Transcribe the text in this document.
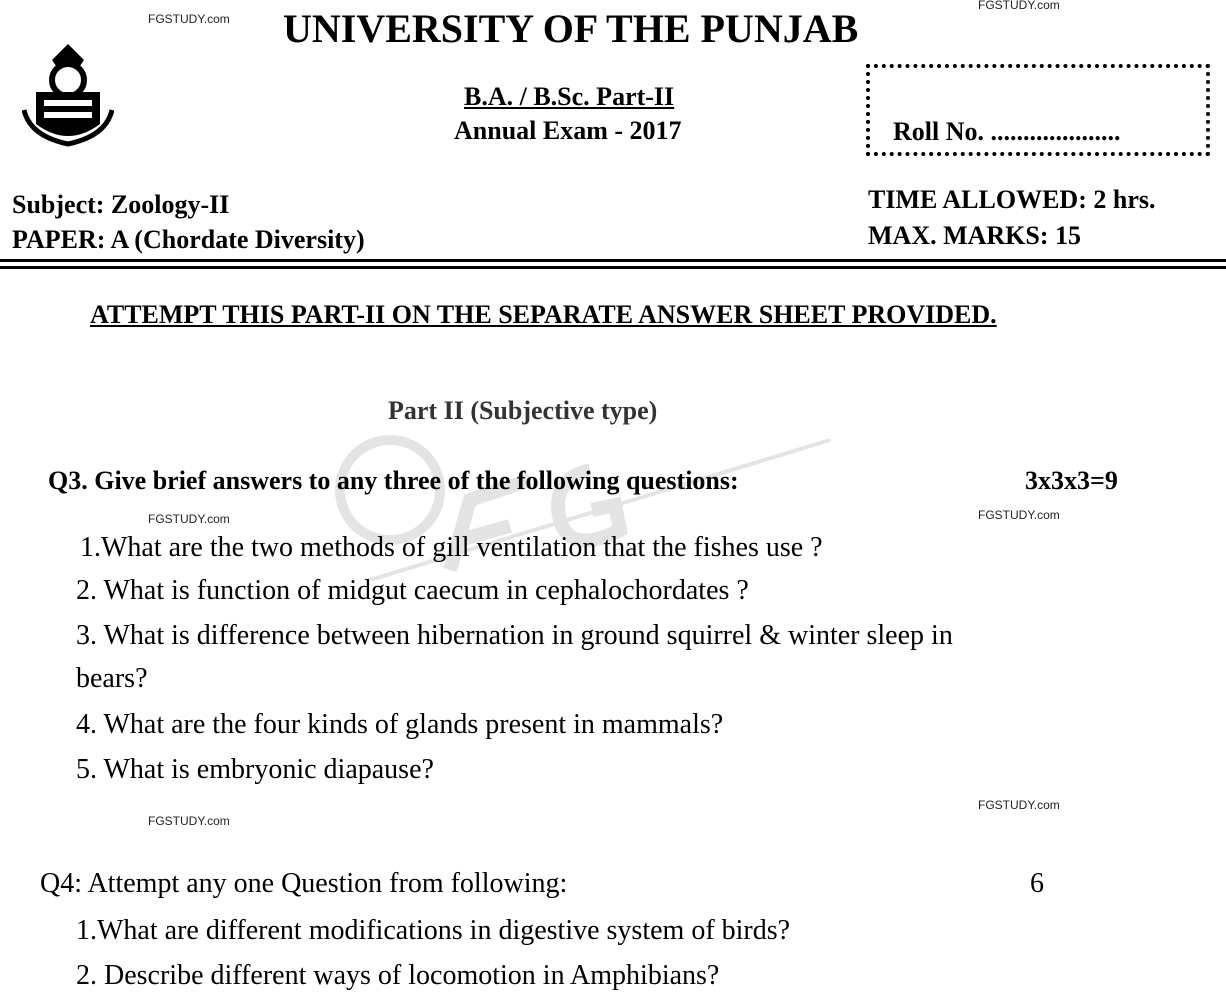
FGSTUDY.com
FGSTUDY.com
UNIVERSITY OF THE PUNJAB
B.A. / B.Sc. Part-II
Annual Exam - 2017	Roll No. ....................
Subject: Zoology-II
PAPER: A (Chordate Diversity)
TIME ALLOWED: 2 hrs.
MAX. MARKS: 15
ATTEMPT THIS PART-II ON THE SEPARATE ANSWER SHEET PROVIDED.
Part II (Subjective type)
Q3. Give brief answers to any three of the following questions:	3x3x3=9
FGSTUDY.com
FGSTUDY.com
1.What are the two methods of gill ventilation that the fishes use ?
2. What is function of midgut caecum in cephalochordates ?
3. What is difference between hibernation in ground squirrel & winter sleep in
bears?
4. What are the four kinds of glands present in mammals?
5. What is embryonic diapause?
FGSTUDY.com
FGSTUDY.com
Q4: Attempt any one Question from following:	6
1.What are different modifications in digestive system of birds?
2. Describe different ways of locomotion in Amphibians?
